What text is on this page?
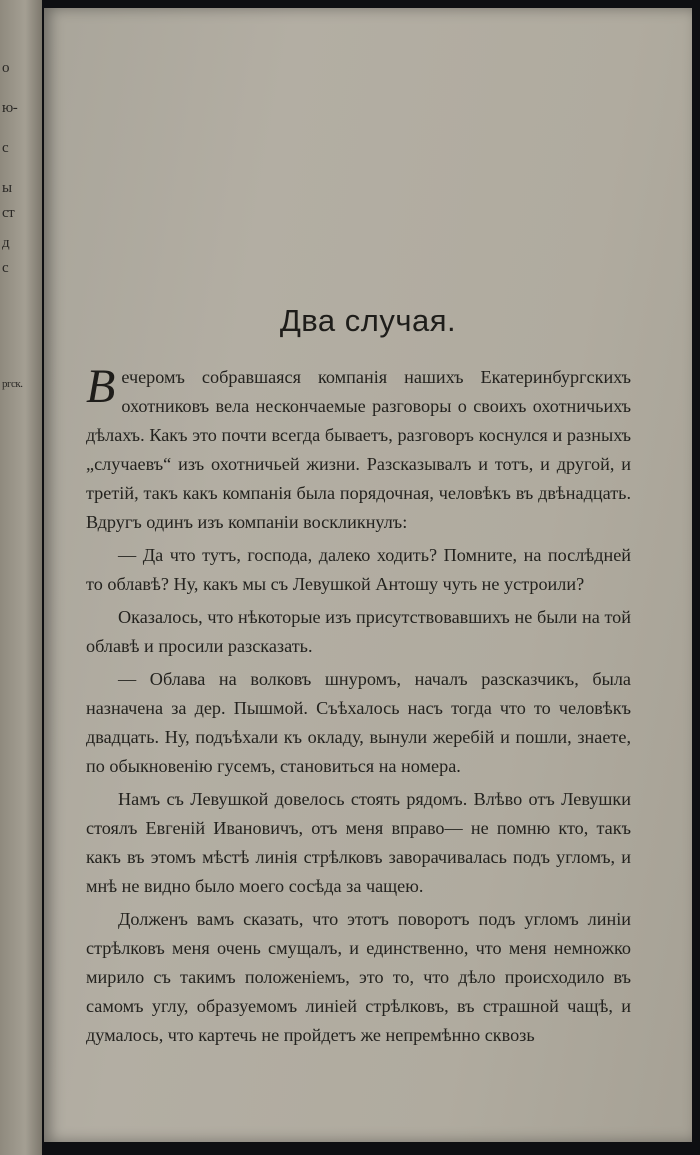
о
ю-
с
ы
ст
д
с
ргск.
Два случая.

Вечеромъ собравшаяся компанія нашихъ Екатеринбургскихъ охотниковъ вела нескончаемые разговоры о своихъ охотничьихъ дѣлахъ. Какъ это почти всегда бываетъ, разговоръ коснулся и разныхъ „случаевъ“ изъ охотничьей жизни. Разсказывалъ и тотъ, и другой, и третій, такъ какъ компанія была порядочная, человѣкъ въ двѣнадцать. Вдругъ одинъ изъ компаніи воскликнулъ:

— Да что тутъ, господа, далеко ходить? Помните, на послѣдней то облавѣ? Ну, какъ мы съ Левушкой Антошу чуть не устроили?

Оказалось, что нѣкоторые изъ присутствовавшихъ не были на той облавѣ и просили разсказать.

— Облава на волковъ шнуромъ, началъ разсказчикъ, была назначена за дер. Пышмой. Съѣхалось насъ тогда что то человѣкъ двадцать. Ну, подъѣхали къ окладу, вынули жеребій и пошли, знаете, по обыкновенію гусемъ, становиться на номера.

Намъ съ Левушкой довелось стоять рядомъ. Влѣво отъ Левушки стоялъ Евгеній Ивановичъ, отъ меня вправо— не помню кто, такъ какъ въ этомъ мѣстѣ линія стрѣлковъ заворачивалась подъ угломъ, и мнѣ не видно было моего сосѣда за чащею.

Долженъ вамъ сказать, что этотъ поворотъ подъ угломъ линіи стрѣлковъ меня очень смущалъ, и единственно, что меня немножко мирило съ такимъ положеніемъ, это то, что дѣло происходило въ самомъ углу, образуемомъ линіей стрѣлковъ, въ страшной чащѣ, и думалось, что картечь не пройдетъ же непремѣнно сквозь
